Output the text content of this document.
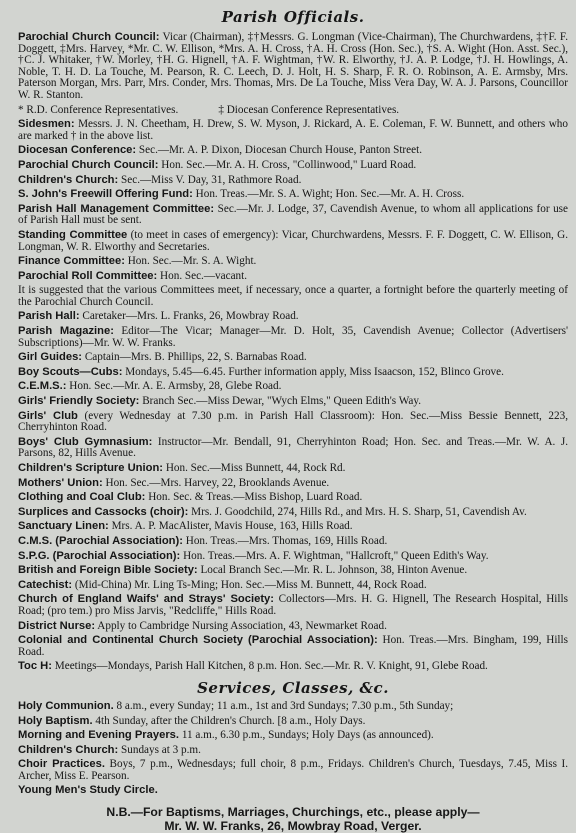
Parish Officials.
Parochial Church Council: Vicar (Chairman), ‡†Messrs. G. Longman (Vice-Chairman), The Churchwardens, ‡†F. F. Doggett, ‡Mrs. Harvey, *Mr. C. W. Ellison, *Mrs. A. H. Cross, †A. H. Cross (Hon. Sec.), †S. A. Wight (Hon. Asst. Sec.), †C. J. Whitaker, †W. Morley, †H. G. Hignell, †A. F. Wightman, †W. R. Elworthy, †J. A. P. Lodge, †J. H. Howlings, A. Noble, T. H. D. La Touche, M. Pearson, R. C. Leech, D. J. Holt, H. S. Sharp, F. R. O. Robinson, A. E. Armsby, Mrs. Paterson Morgan, Mrs. Parr, Mrs. Conder, Mrs. Thomas, Mrs. De La Touche, Miss Vera Day, W. A. J. Parsons, Councillor W. R. Stanton.
* R.D. Conference Representatives.	‡ Diocesan Conference Representatives.
Sidesmen: Messrs. J. N. Cheetham, H. Drew, S. W. Myson, J. Rickard, A. E. Coleman, F. W. Bunnett, and others who are marked † in the above list.
Diocesan Conference: Sec.—Mr. A. P. Dixon, Diocesan Church House, Panton Street.
Parochial Church Council: Hon. Sec.—Mr. A. H. Cross, "Collinwood," Luard Road.
Children's Church: Sec.—Miss V. Day, 31, Rathmore Road.
S. John's Freewill Offering Fund: Hon. Treas.—Mr. S. A. Wight; Hon. Sec.—Mr. A. H. Cross.
Parish Hall Management Committee: Sec.—Mr. J. Lodge, 37, Cavendish Avenue, to whom all applications for use of Parish Hall must be sent.
Standing Committee (to meet in cases of emergency): Vicar, Churchwardens, Messrs. F. F. Doggett, C. W. Ellison, G. Longman, W. R. Elworthy and Secretaries.
Finance Committee: Hon. Sec.—Mr. S. A. Wight.
Parochial Roll Committee: Hon. Sec.—vacant.
It is suggested that the various Committees meet, if necessary, once a quarter, a fortnight before the quarterly meeting of the Parochial Church Council.
Parish Hall: Caretaker—Mrs. L. Franks, 26, Mowbray Road.
Parish Magazine: Editor—The Vicar; Manager—Mr. D. Holt, 35, Cavendish Avenue; Collector (Advertisers' Subscriptions)—Mr. W. W. Franks.
Girl Guides: Captain—Mrs. B. Phillips, 22, S. Barnabas Road.
Boy Scouts—Cubs: Mondays, 5.45—6.45. Further information apply, Miss Isaacson, 152, Blinco Grove.
C.E.M.S.: Hon. Sec.—Mr. A. E. Armsby, 28, Glebe Road.
Girls' Friendly Society: Branch Sec.—Miss Dewar, "Wych Elms," Queen Edith's Way.
Girls' Club (every Wednesday at 7.30 p.m. in Parish Hall Classroom): Hon. Sec.—Miss Bessie Bennett, 223, Cherryhinton Road.
Boys' Club Gymnasium: Instructor—Mr. Bendall, 91, Cherryhinton Road; Hon. Sec. and Treas.—Mr. W. A. J. Parsons, 82, Hills Avenue.
Children's Scripture Union: Hon. Sec.—Miss Bunnett, 44, Rock Rd.
Mothers' Union: Hon. Sec.—Mrs. Harvey, 22, Brooklands Avenue.
Clothing and Coal Club: Hon. Sec. & Treas.—Miss Bishop, Luard Road.
Surplices and Cassocks (choir): Mrs. J. Goodchild, 274, Hills Rd., and Mrs. H. S. Sharp, 51, Cavendish Av.
Sanctuary Linen: Mrs. A. P. MacAlister, Mavis House, 163, Hills Road.
C.M.S. (Parochial Association): Hon. Treas.—Mrs. Thomas, 169, Hills Road.
S.P.G. (Parochial Association): Hon. Treas.—Mrs. A. F. Wightman, "Hallcroft," Queen Edith's Way.
British and Foreign Bible Society: Local Branch Sec.—Mr. R. L. Johnson, 38, Hinton Avenue.
Catechist: (Mid-China) Mr. Ling Ts-Ming; Hon. Sec.—Miss M. Bunnett, 44, Rock Road.
Church of England Waifs' and Strays' Society: Collectors—Mrs. H. G. Hignell, The Research Hospital, Hills Road; (pro tem.) pro Miss Jarvis, "Redcliffe," Hills Road.
District Nurse: Apply to Cambridge Nursing Association, 43, Newmarket Road.
Colonial and Continental Church Society (Parochial Association): Hon. Treas.—Mrs. Bingham, 199, Hills Road.
Toc H: Meetings—Mondays, Parish Hall Kitchen, 8 p.m. Hon. Sec.—Mr. R. V. Knight, 91, Glebe Road.
Services, Classes, &c.
Holy Communion. 8 a.m., every Sunday; 11 a.m., 1st and 3rd Sundays; 7.30 p.m., 5th Sunday;
Holy Baptism. 4th Sunday, after the Children's Church. [8 a.m., Holy Days.
Morning and Evening Prayers. 11 a.m., 6.30 p.m., Sundays; Holy Days (as announced).
Children's Church: Sundays at 3 p.m.
Choir Practices. Boys, 7 p.m., Wednesdays; full choir, 8 p.m., Fridays. Children's Church, Tuesdays, 7.45, Miss I. Archer, Miss E. Pearson.
Young Men's Study Circle.
N.B.—For Baptisms, Marriages, Churchings, etc., please apply—
Mr. W. W. Franks, 26, Mowbray Road, Verger.
